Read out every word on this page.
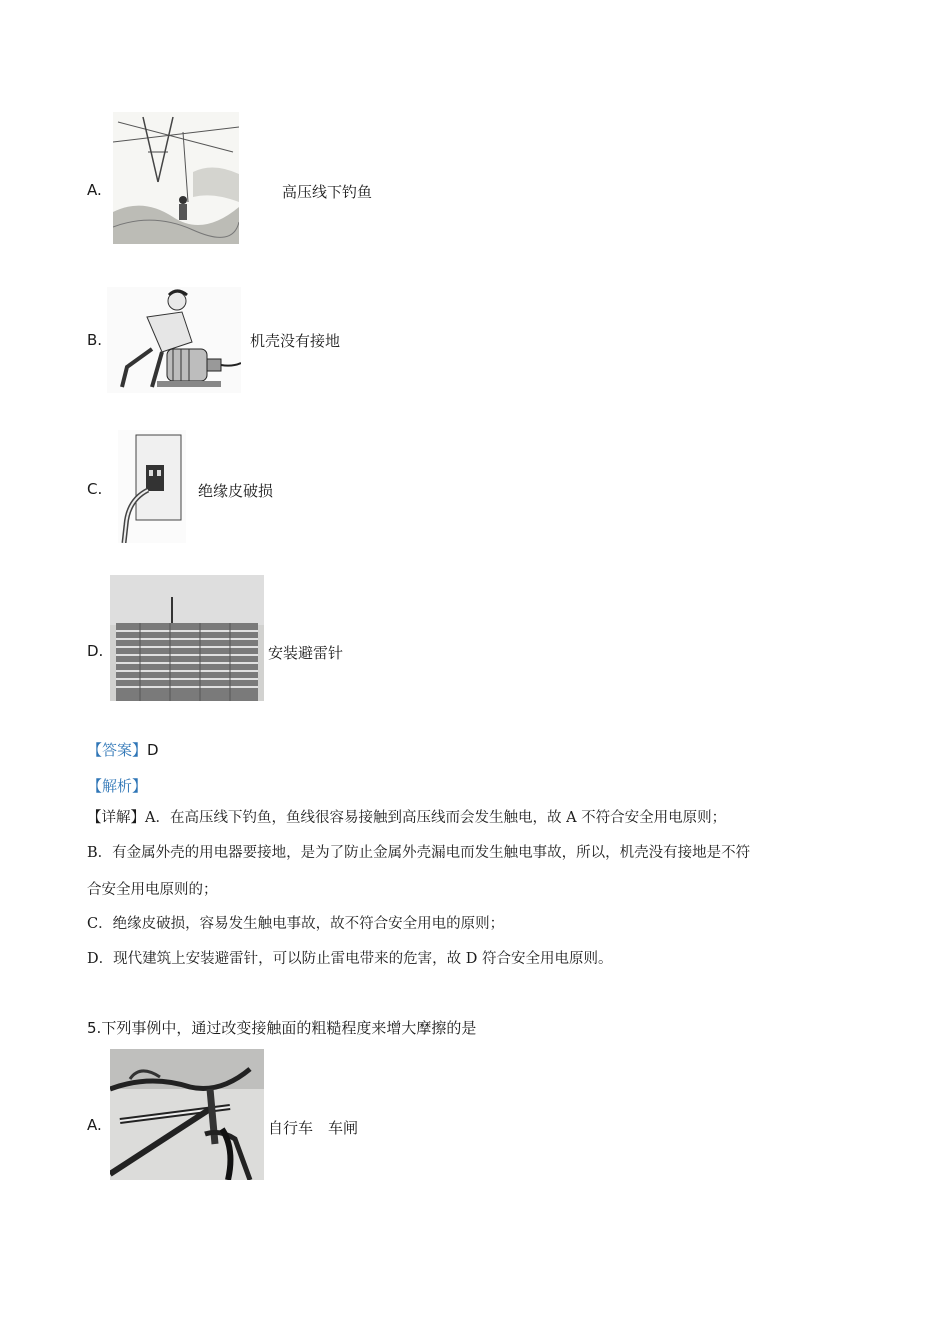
A.	高压线下钓鱼
B.	机壳没有接地
C.	绝缘皮破损
D.	安装避雷针
【答案】D
【解析】
【详解】A．在高压线下钓鱼，鱼线很容易接触到高压线而会发生触电，故 A 不符合安全用电原则；
B．有金属外壳的用电器要接地，是为了防止金属外壳漏电而发生触电事故，所以，机壳没有接地是不符
合安全用电原则的；
C．绝缘皮破损，容易发生触电事故，故不符合安全用电的原则；
D．现代建筑上安装避雷针，可以防止雷电带来的危害，故 D 符合安全用电原则。
5.下列事例中，通过改变接触面的粗糙程度来增大摩擦的是
A.	自行车　车闸
